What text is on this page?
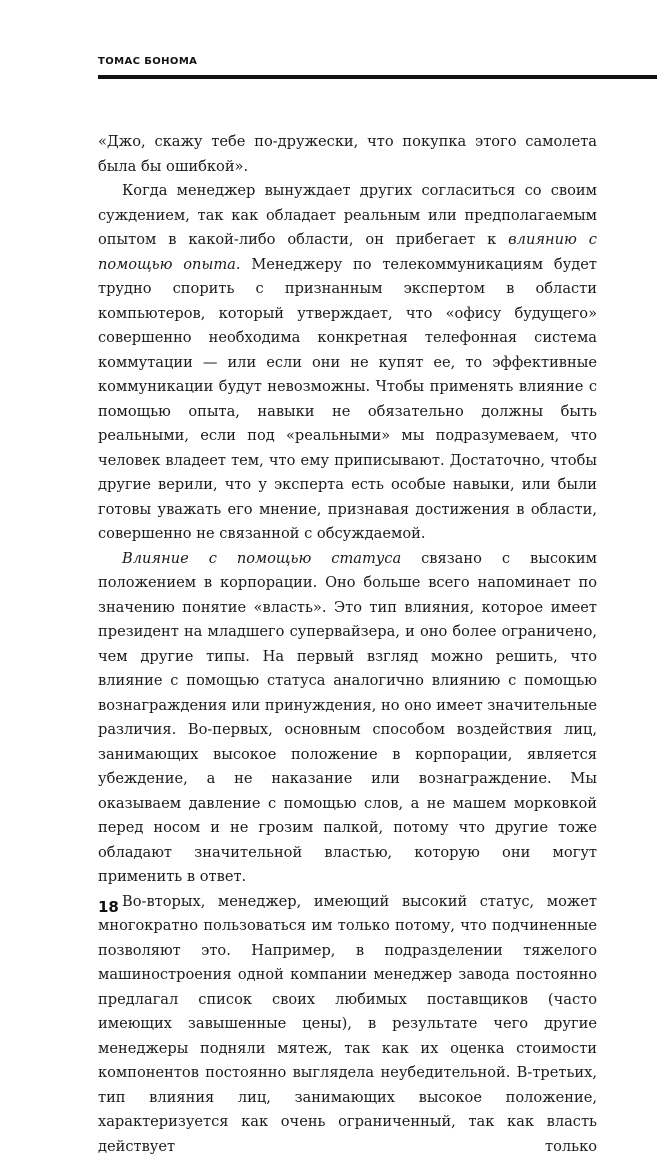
ТОМАС БОНОМА

«Джо, скажу тебе по-дружески, что покупка этого самолета была бы ошибкой».

Когда менеджер вынуждает других согласиться со своим суждением, так как обладает реальным или предполагаемым опытом в какой-либо области, он прибегает к влиянию с помощью опыта. Менеджеру по телекоммуникациям будет трудно спорить с признанным экспертом в области компьютеров, который утверждает, что «офису будущего» совершенно необходима конкретная телефонная система коммутации — или если они не купят ее, то эффективные коммуникации будут невозможны. Чтобы применять влияние с помощью опыта, навыки не обязательно должны быть реальными, если под «реальными» мы подразумеваем, что человек владеет тем, что ему приписывают. Достаточно, чтобы другие верили, что у эксперта есть особые навыки, или были готовы уважать его мнение, признавая достижения в области, совершенно не связанной с обсуждаемой.

Влияние с помощью статуса связано с высоким положением в корпорации. Оно больше всего напоминает по значению понятие «власть». Это тип влияния, которое имеет президент на младшего супервайзера, и оно более ограничено, чем другие типы. На первый взгляд можно решить, что влияние с помощью статуса аналогично влиянию с помощью вознаграждения или принуждения, но оно имеет значительные различия. Во-первых, основным способом воздействия лиц, занимающих высокое положение в корпорации, является убеждение, а не наказание или вознаграждение. Мы оказываем давление с помощью слов, а не машем морковкой перед носом и не грозим палкой, потому что другие тоже обладают значительной властью, которую они могут применить в ответ.

Во-вторых, менеджер, имеющий высокий статус, может многократно пользоваться им только потому, что подчиненные позволяют это. Например, в подразделении тяжелого машиностроения одной компании менеджер завода постоянно предлагал список своих любимых поставщиков (часто имеющих завышенные цены), в результате чего другие менеджеры подняли мятеж, так как их оценка стоимости компонентов постоянно выглядела неубедительной. В-третьих, тип влияния лиц, занимающих высокое положение, характеризуется как очень ограниченный, так как власть действует только

18
